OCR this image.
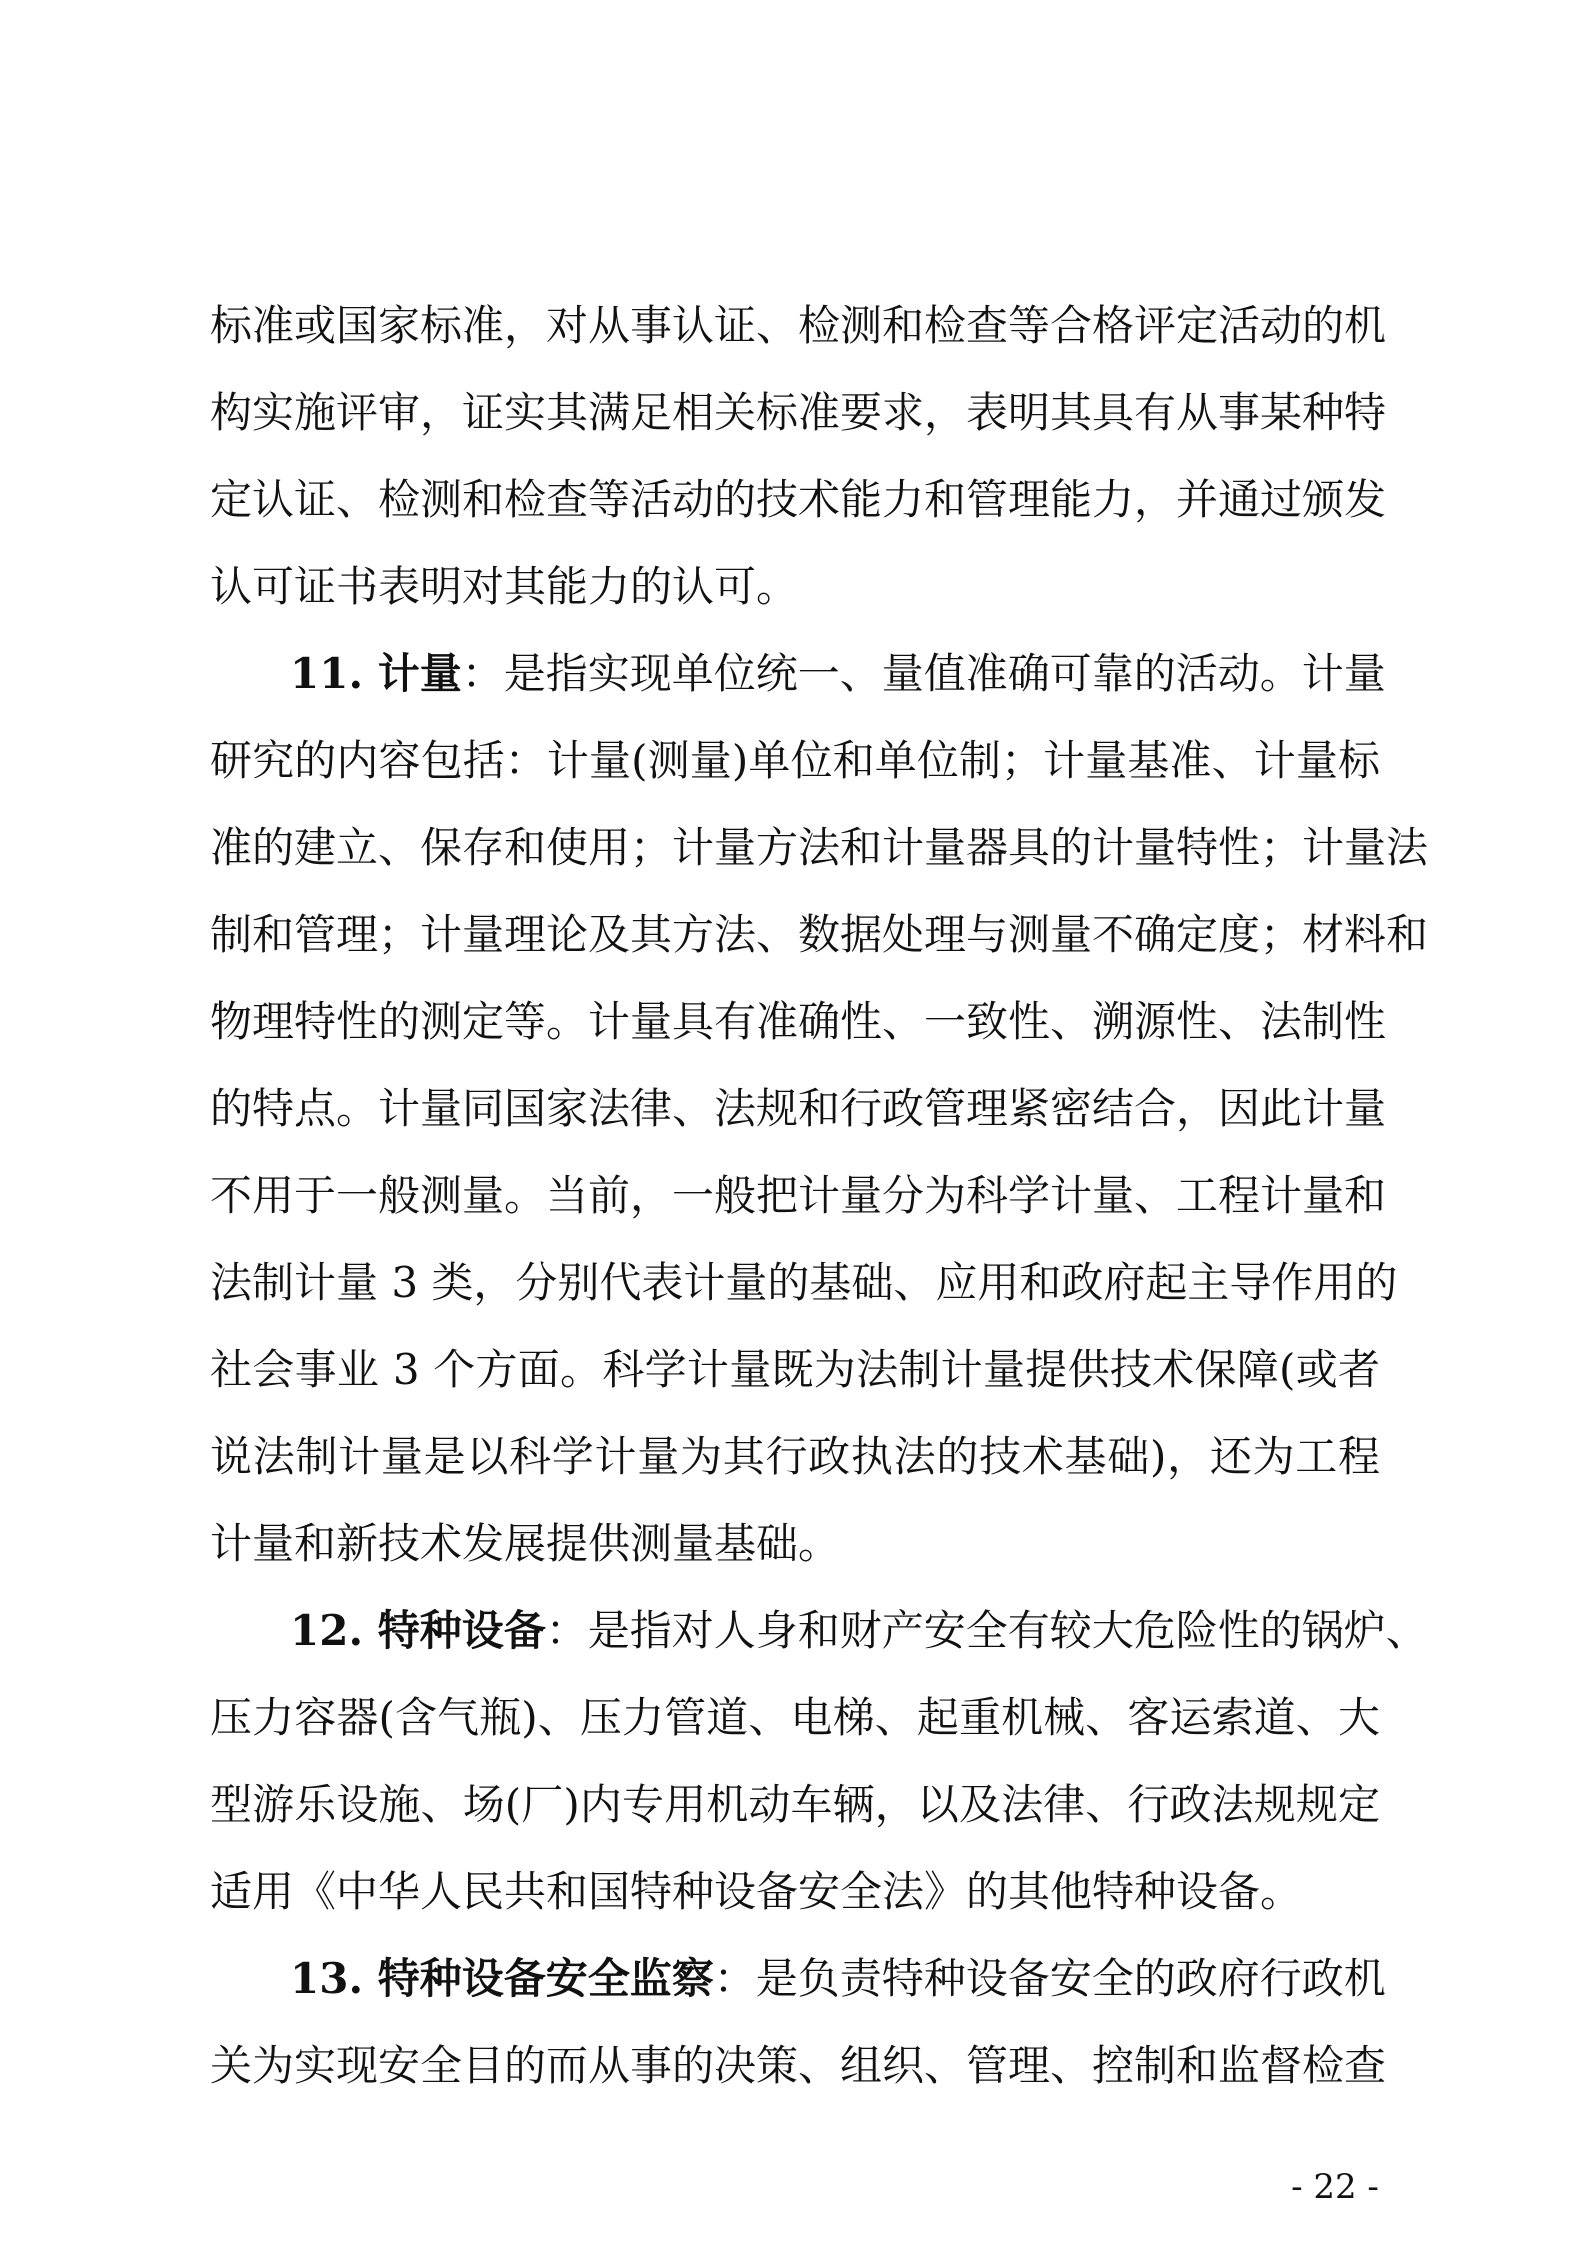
标准或国家标准，对从事认证、检测和检查等合格评定活动的机
构实施评审，证实其满足相关标准要求，表明其具有从事某种特
定认证、检测和检查等活动的技术能力和管理能力，并通过颁发
认可证书表明对其能力的认可。
11. 计量：是指实现单位统一、量值准确可靠的活动。计量
研究的内容包括：计量(测量)单位和单位制；计量基准、计量标
准的建立、保存和使用；计量方法和计量器具的计量特性；计量法
制和管理；计量理论及其方法、数据处理与测量不确定度；材料和
物理特性的测定等。计量具有准确性、一致性、溯源性、法制性
的特点。计量同国家法律、法规和行政管理紧密结合，因此计量
不用于一般测量。当前，一般把计量分为科学计量、工程计量和
法制计量 3 类，分别代表计量的基础、应用和政府起主导作用的
社会事业 3 个方面。科学计量既为法制计量提供技术保障(或者
说法制计量是以科学计量为其行政执法的技术基础)，还为工程
计量和新技术发展提供测量基础。
12. 特种设备：是指对人身和财产安全有较大危险性的锅炉、
压力容器(含气瓶)、压力管道、电梯、起重机械、客运索道、大
型游乐设施、场(厂)内专用机动车辆，以及法律、行政法规规定
适用《中华人民共和国特种设备安全法》的其他特种设备。
13. 特种设备安全监察：是负责特种设备安全的政府行政机
关为实现安全目的而从事的决策、组织、管理、控制和监督检查
- 22 -
